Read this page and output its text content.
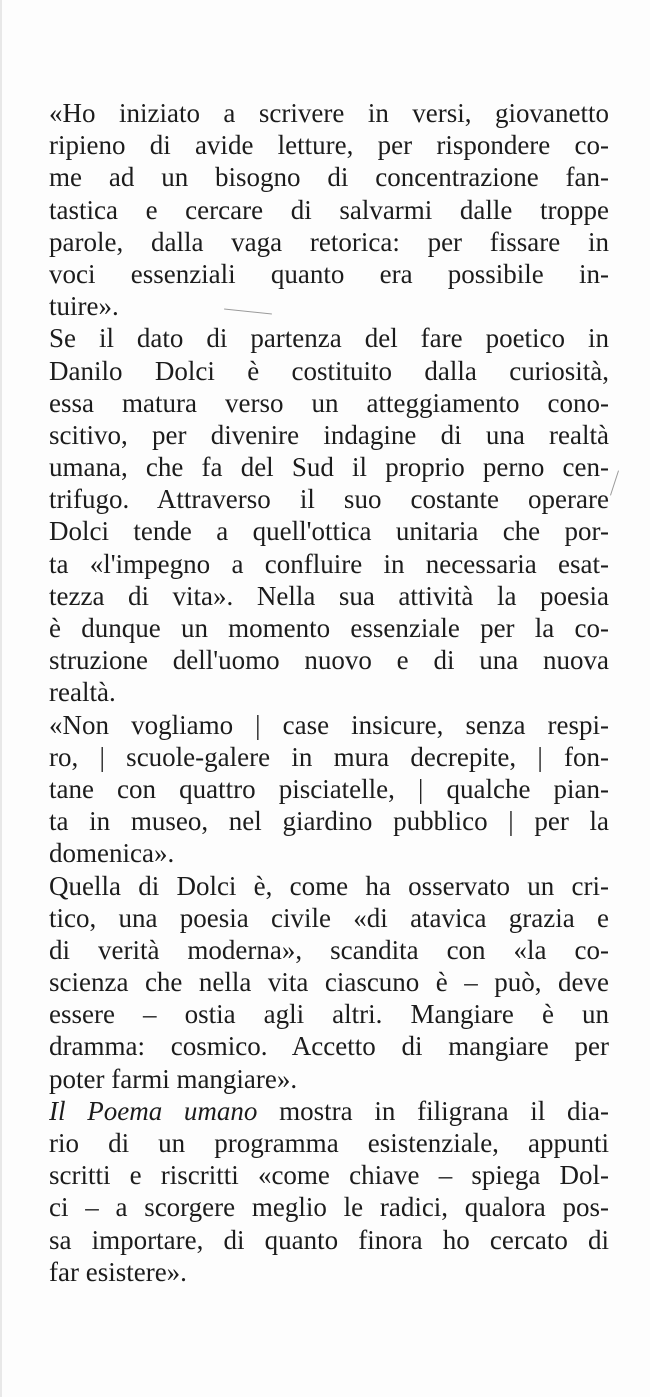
«Ho iniziato a scrivere in versi, giovanetto
ripieno di avide letture, per rispondere co-
me ad un bisogno di concentrazione fan-
tastica e cercare di salvarmi dalle troppe
parole, dalla vaga retorica: per fissare in
voci essenziali quanto era possibile in-
tuire».
Se il dato di partenza del fare poetico in
Danilo Dolci è costituito dalla curiosità,
essa matura verso un atteggiamento cono-
scitivo, per divenire indagine di una realtà
umana, che fa del Sud il proprio perno cen-
trifugo. Attraverso il suo costante operare
Dolci tende a quell'ottica unitaria che por-
ta «l'impegno a confluire in necessaria esat-
tezza di vita». Nella sua attività la poesia
è dunque un momento essenziale per la co-
struzione dell'uomo nuovo e di una nuova
realtà.
«Non vogliamo | case insicure, senza respi-
ro, | scuole-galere in mura decrepite, | fon-
tane con quattro pisciatelle, | qualche pian-
ta in museo, nel giardino pubblico | per la
domenica».
Quella di Dolci è, come ha osservato un cri-
tico, una poesia civile «di atavica grazia e
di verità moderna», scandita con «la co-
scienza che nella vita ciascuno è – può, deve
essere – ostia agli altri. Mangiare è un
dramma: cosmico. Accetto di mangiare per
poter farmi mangiare».
Il Poema umano mostra in filigrana il dia-
rio di un programma esistenziale, appunti
scritti e riscritti «come chiave – spiega Dol-
ci – a scorgere meglio le radici, qualora pos-
sa importare, di quanto finora ho cercato di
far esistere».
